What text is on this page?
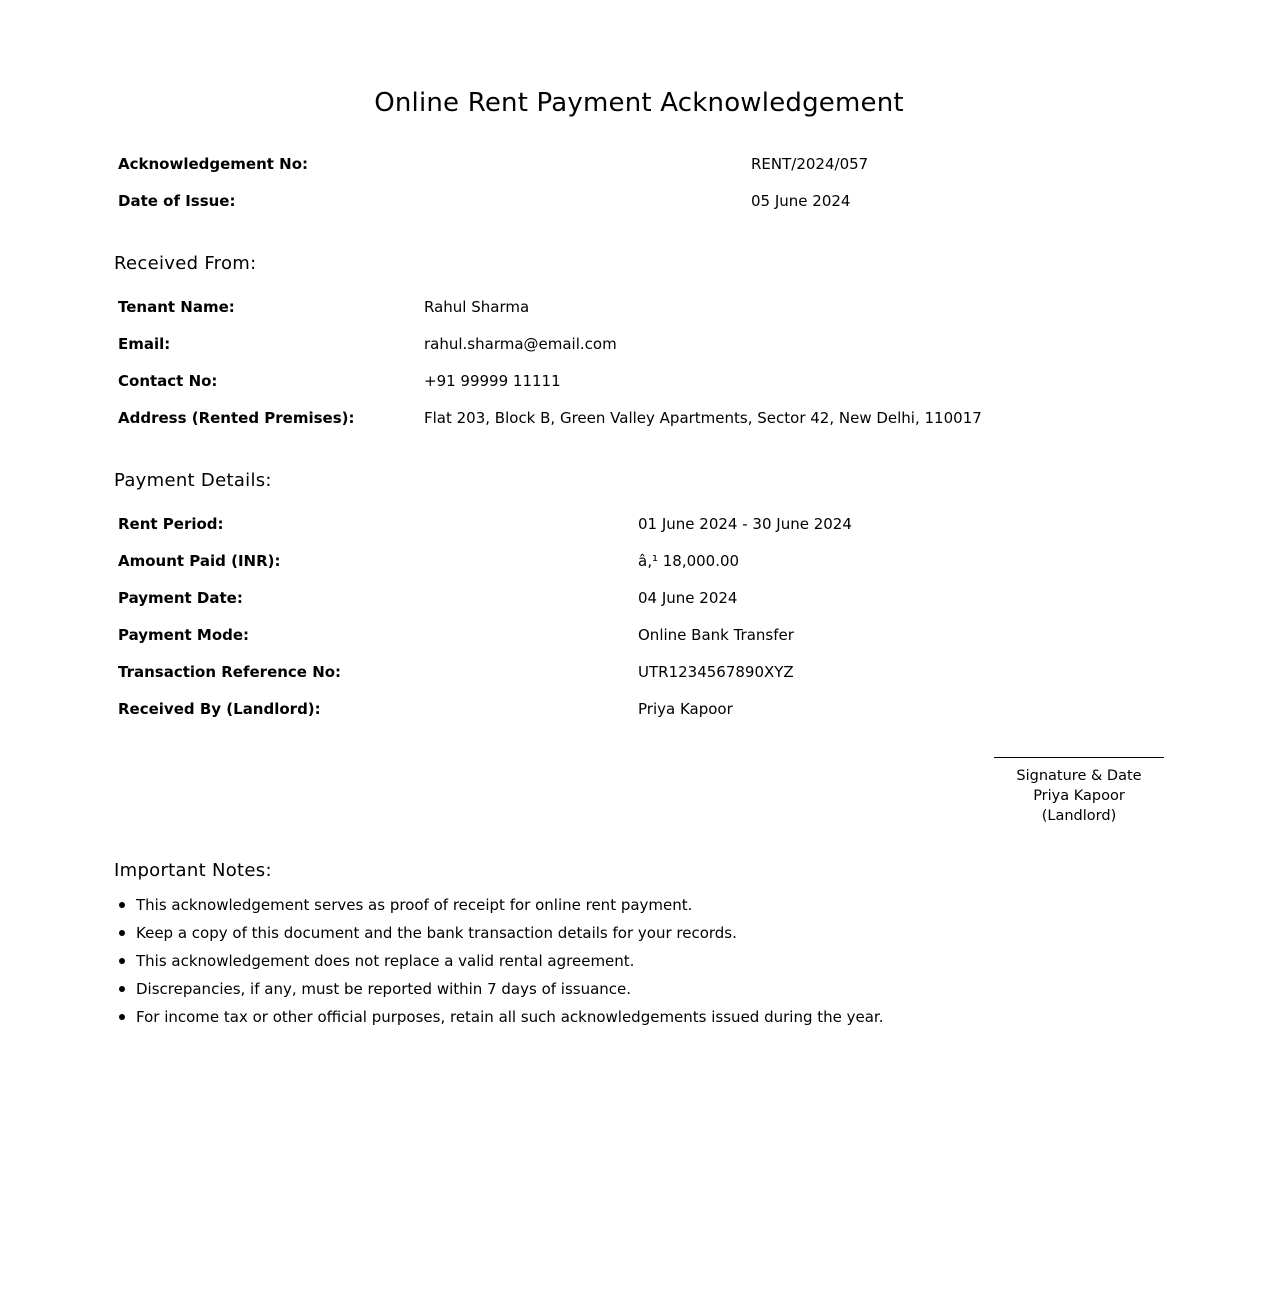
Online Rent Payment Acknowledgement
Acknowledgement No:	RENT/2024/057
Date of Issue:	05 June 2024
Received From:
Tenant Name:	Rahul Sharma
Email:	rahul.sharma@email.com
Contact No:	+91 99999 11111
Address (Rented Premises):	Flat 203, Block B, Green Valley Apartments, Sector 42, New Delhi, 110017
Payment Details:
Rent Period:	01 June 2024 - 30 June 2024
Amount Paid (INR):	â‚¹ 18,000.00
Payment Date:	04 June 2024
Payment Mode:	Online Bank Transfer
Transaction Reference No:	UTR1234567890XYZ
Received By (Landlord):	Priya Kapoor
Signature & Date
Priya Kapoor
(Landlord)
Important Notes:
This acknowledgement serves as proof of receipt for online rent payment.
Keep a copy of this document and the bank transaction details for your records.
This acknowledgement does not replace a valid rental agreement.
Discrepancies, if any, must be reported within 7 days of issuance.
For income tax or other official purposes, retain all such acknowledgements issued during the year.
